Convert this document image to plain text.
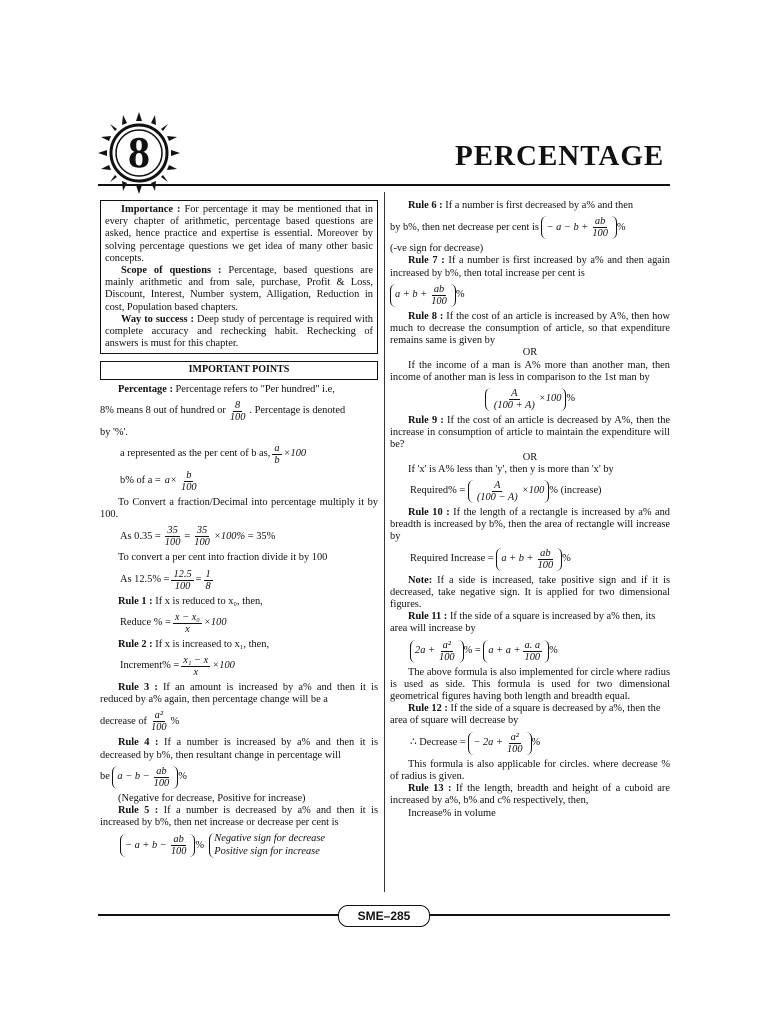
8	PERCENTAGE

Importance : For percentage it may be mentioned that in every chapter of arithmetic, percentage based questions are asked, hence practice and expertise is essential. Moreover by solving percentage questions we get idea of many other basic concepts.

Scope of questions : Percentage, based questions are mainly arithmetic and from sale, purchase, Profit & Loss, Discount, Interest, Number system, Alligation, Reduction in cost, Population based chapters.

Way to success : Deep study of percentage is required with complete accuracy and rechecking habit. Rechecking of answers is must for this chapter.

IMPORTANT POINTS

Percentage : Percentage refers to "Per hundred" i.e,

8% means 8 out of hundred or $\frac{8}{100}$ . Percentage is denoted

by '%'.

a represented as the per cent of b as, $\frac{a}{b} \times 100$
b% of $a = a\times \frac{b}{100}$

To Convert a fraction/Decimal into percentage multiply it by 100.

As $0.35 = \frac{35}{100} = \frac{35}{100} \times 100\%$
= 35%

To convert a per cent into fraction divide it by 100

As $12.5\% = \frac{12.5}{100} = \frac{1}{8}$

Rule 1 : If x is reduced to x₀, then,

Reduce % = $\frac{\text{x − x₀}}{x} \times 100$

Rule 2 : If x is increased to x₁, then,

Increment% = $\frac{\text{x₁ − x}}{x} \times 100$

Rule 3 : If an amount is increased by a% and then it is reduced by a% again, then percentage change will be a

decrease of $\frac{\text{a²}}{100}$ %

Rule 4 : If a number is increased by a% and then it is decreased by b%, then resultant change in percentage will

be
$a - b - \frac{ab}{100}$ %

(Negative for decrease, Positive for increase)

Rule 5 : If a number is decreased by a% and then it is increased by b%, then net increase or decrease per cent is

− $a + b - \frac{ab}{100}$ %
Negative sign for decrease
Positive sign for increase

Rule 6 : If a number is first decreased by a% and then

by b%, then net decrease per cent is
− $a - b + \frac{ab}{100}$ %

(-ve sign for decrease)

Rule 7 : If a number is first increased by a% and then again increased by b%, then total increase per cent is

$a + b + \frac{ab}{100}$ %

Rule 8 : If the cost of an article is increased by A%, then how much to decrease the consumption of article, so that expenditure remains same is given by

OR

If the income of a man is A% more than another man, then income of another man is less in comparison to the 1st man by

$\frac{A}{(100 + A)} \times 100$ %

Rule 9 : If the cost of an article is decreased by A%, then the increase in consumption of article to maintain the expenditure will be?

OR

If 'x' is A% less than 'y', then y is more than 'x' by

Required% =
$\frac{A}{(100 - A)} \times 100$ % (increase)

Rule 10 : If the length of a rectangle is increased by a% and breadth is increased by b%, then the area of rectangle will increase by

Required Increase =
$a + b + \frac{ab}{100}$ %

Note: If a side is increased, take positive sign and if it is decreased, take negative sign. It is applied for two dimensional figures.

Rule 11 : If the side of a square is increased by a% then, its area will increase by

$2a + \frac{\text{a²}}{100}$ % = $a + a + \frac{a. a}{100}$ %

The above formula is also implemented for circle where radius is used as side. This formula is used for two dimensional geometrical figures having both length and breadth equal.

Rule 12 : If the side of a square is decreased by a%, then the area of square will decrease by

∴ Decrease =
− $2a + \frac{\text{a²}}{100}$ %

This formula is also applicable for circles. where decrease % of radius is given.

Rule 13 : If the length, breadth and height of a cuboid are increased by a%, b% and c% respectively, then,

Increase% in volume

SME–285
